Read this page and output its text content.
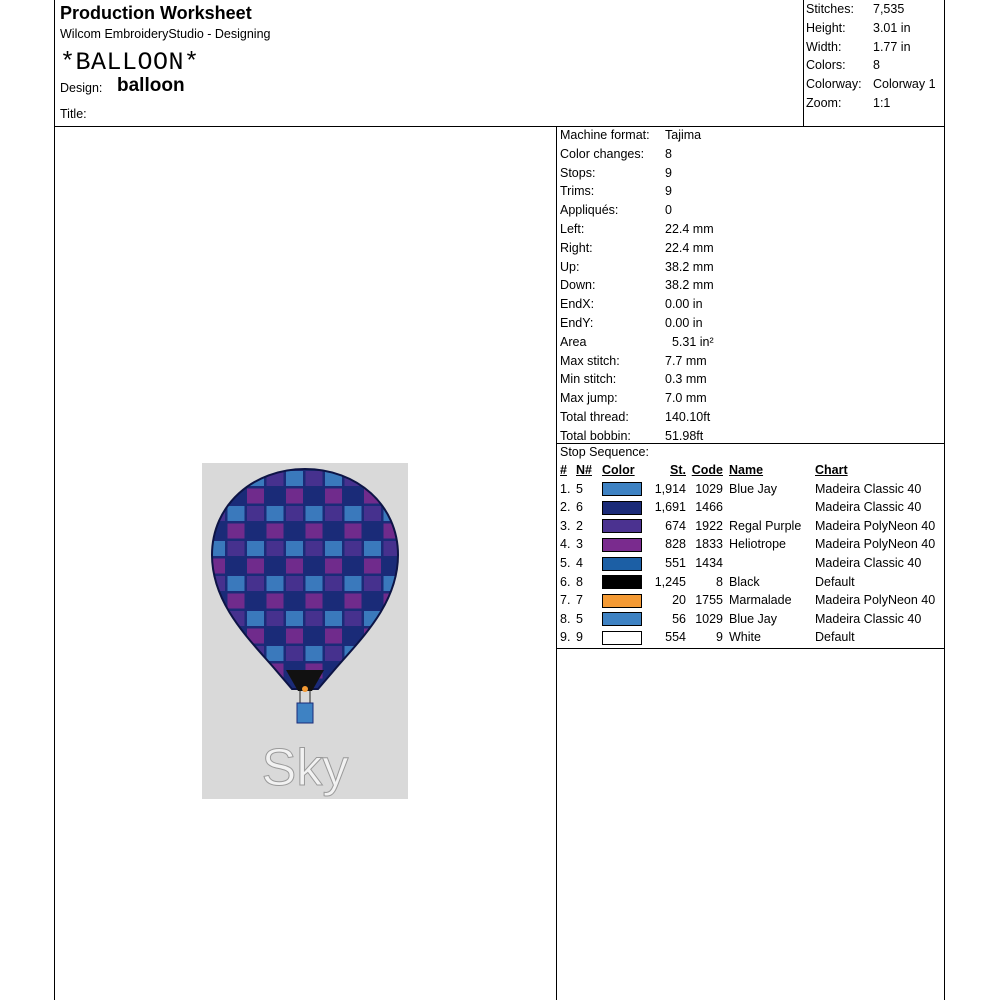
Production Worksheet
Wilcom EmbroideryStudio - Designing
*BALLOON*
Design: balloon
Title:
Stitches: 7,535
Height: 3.01 in
Width:	1.77 in
Colors: 8
Colorway: Colorway 1
Zoom:	1:1
Machine format: Tajima
Color changes: 8
Stops:	9
Trims:	9
Appliqués:	0
Left:	22.4 mm
Right:	22.4 mm
Up:	38.2 mm
Down:	38.2 mm
EndX:	0.00 in
EndY:	0.00 in
Area	5.31 in²
Max stitch:	7.7 mm
Min stitch:	0.3 mm
Max jump:	7.0 mm
Total thread:	140.10ft
Total bobbin:	51.98ft
Stop Sequence:
#	N#	Color	St.	Code	Name	Chart
1.	5		1,914	1029	Blue Jay	Madeira Classic 40
2.	6		1,691	1466		Madeira Classic 40
3.	2		674	1922	Regal Purple	Madeira PolyNeon 40
4.	3		828	1833	Heliotrope	Madeira PolyNeon 40
5.	4		551	1434		Madeira Classic 40
6.	8		1,245	8	Black	Default
7.	7		20	1755	Marmalade	Madeira PolyNeon 40
8.	5		56	1029	Blue Jay	Madeira Classic 40
9.	9		554	9	White	Default
Sky
